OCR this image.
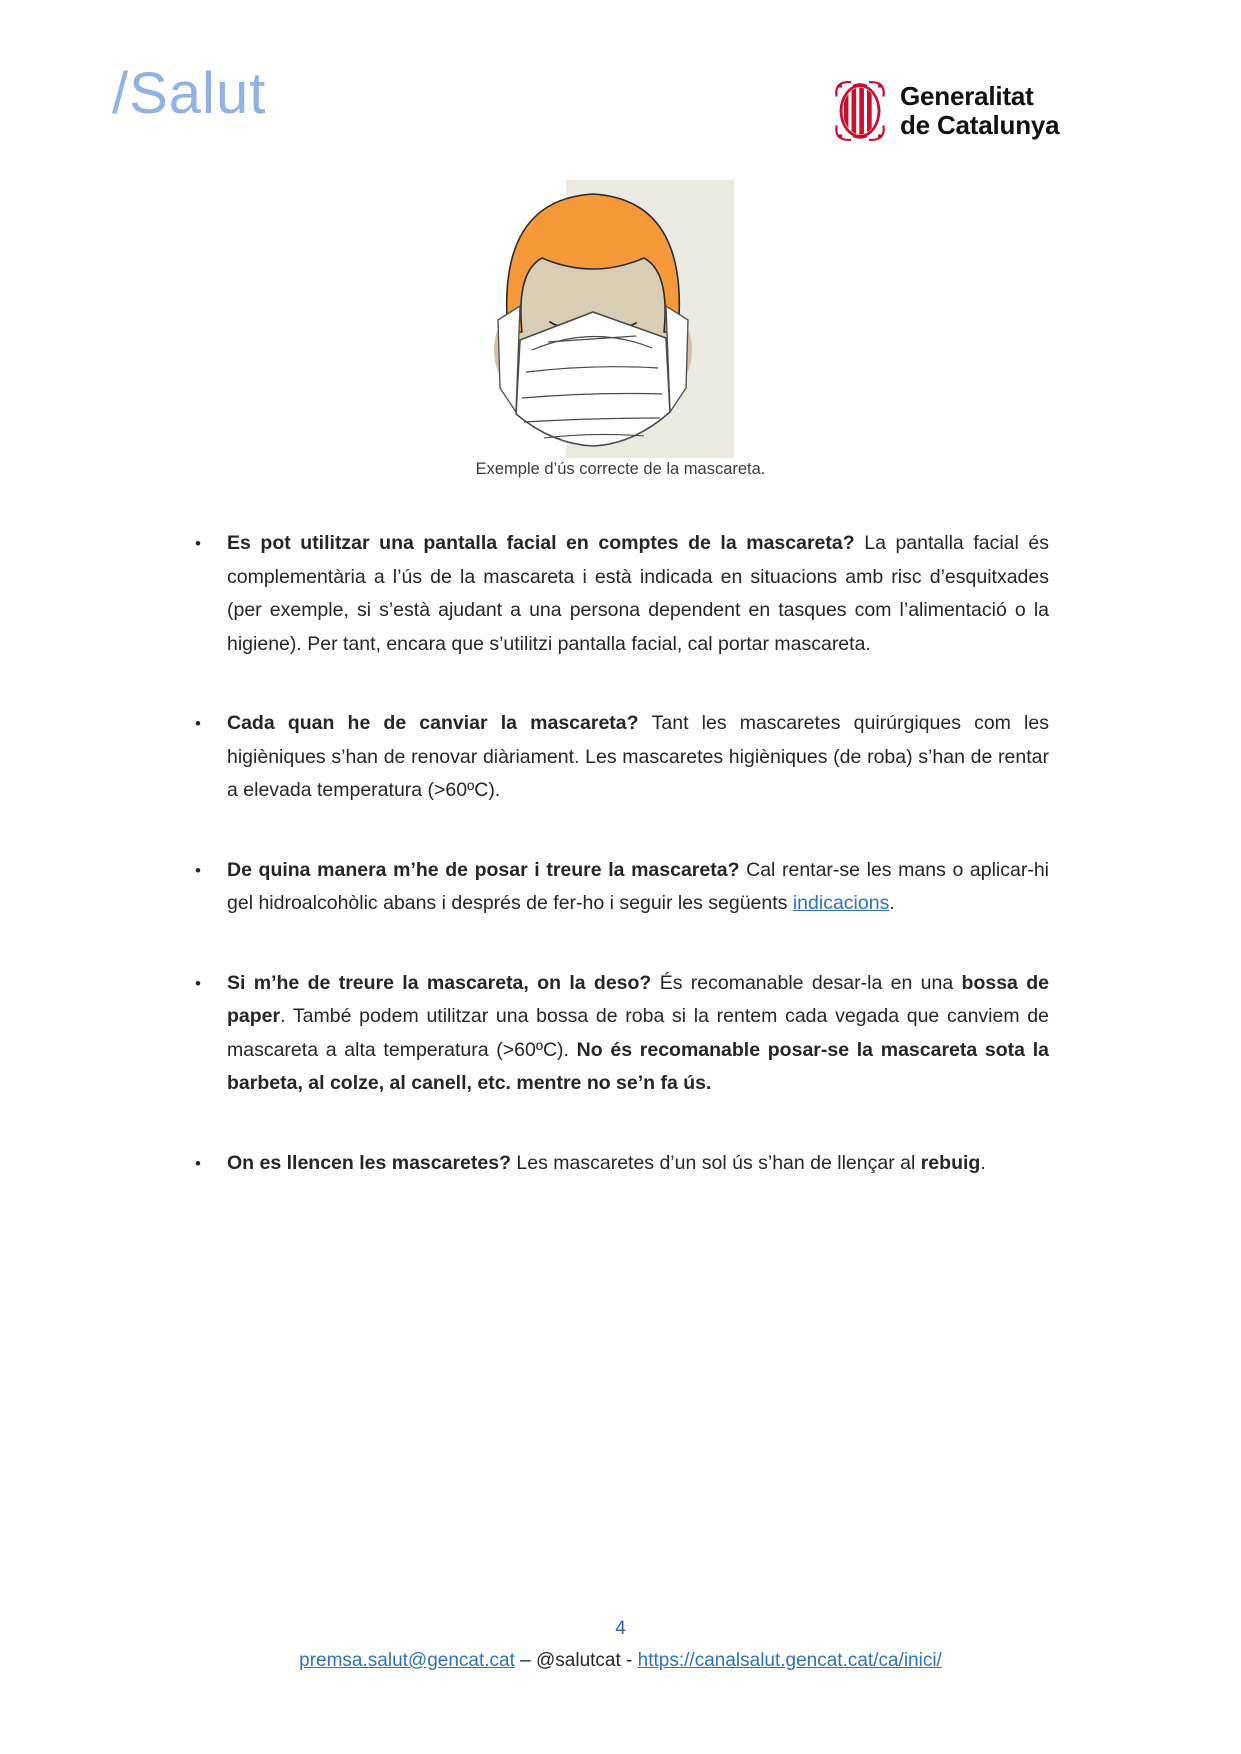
/Salut	Generalitat
de Catalunya
Exemple d’ús correcte de la mascareta.
• Es pot utilitzar una pantalla facial en comptes de la mascareta? La pantalla facial és complementària a l’ús de la mascareta i està indicada en situacions amb risc d’esquitxades (per exemple, si s’està ajudant a una persona dependent en tasques com l’alimentació o la higiene). Per tant, encara que s’utilitzi pantalla facial, cal portar mascareta.
• Cada quan he de canviar la mascareta? Tant les mascaretes quirúrgiques com les higièniques s’han de renovar diàriament. Les mascaretes higièniques (de roba) s’han de rentar a elevada temperatura (>60ºC).
• De quina manera m’he de posar i treure la mascareta? Cal rentar-se les mans o aplicar-hi gel hidroalcohòlic abans i després de fer-ho i seguir les següents indicacions.
• Si m’he de treure la mascareta, on la deso? És recomanable desar-la en una bossa de paper. També podem utilitzar una bossa de roba si la rentem cada vegada que canviem de mascareta a alta temperatura (>60ºC). No és recomanable posar-se la mascareta sota la barbeta, al colze, al canell, etc. mentre no se’n fa ús.
• On es llencen les mascaretes? Les mascaretes d’un sol ús s’han de llençar al rebuig.
4
premsa.salut@gencat.cat – @salutcat - https://canalsalut.gencat.cat/ca/inici/
